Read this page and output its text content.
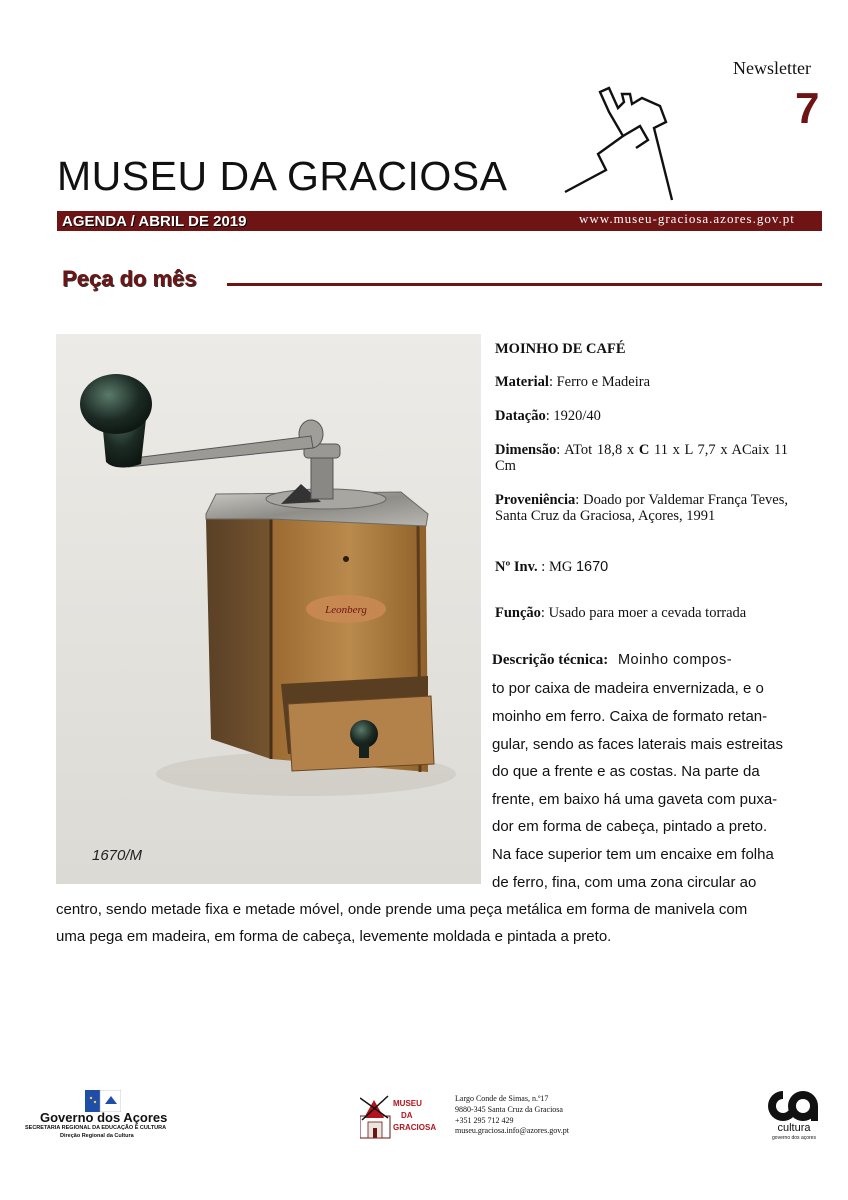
Newsletter
7
MUSEU DA GRACIOSA
AGENDA / ABRIL DE 2019	www.museu-graciosa.azores.gov.pt
Peça do mês
Leonberg
1670/M
MOINHO DE CAFÉ
Material: Ferro e Madeira
Datação: 1920/40
Dimensão: ATot 18,8 x C 11 x L 7,7 x ACaix 11 Cm
Proveniência: Doado por Valdemar França Teves, Santa Cruz da Graciosa, Açores, 1991
Nº Inv. : MG 1670
Função: Usado para moer a cevada torrada
Descrição técnica: Moinho compos-
to por caixa de madeira envernizada, e o
moinho em ferro. Caixa de formato retan-
gular, sendo as faces laterais mais estreitas
do que a frente e as costas. Na parte da
frente, em baixo há uma gaveta com puxa-
dor em forma de cabeça, pintado a preto.
Na face superior tem um encaixe em folha
de ferro, fina, com uma zona circular ao
centro, sendo metade fixa e metade móvel, onde prende uma peça metálica em forma de manivela com
uma pega em madeira, em forma de cabeça, levemente moldada e pintada a preto.
Governo dos Açores
SECRETARIA REGIONAL DA EDUCAÇÃO E CULTURA
Direção Regional da Cultura
MUSEU
DA
GRACIOSA
Largo Conde de Simas, n.º17
9880-345 Santa Cruz da Graciosa
+351 295 712 429
museu.graciosa.info@azores.gov.pt	cultura
governo dos açores
